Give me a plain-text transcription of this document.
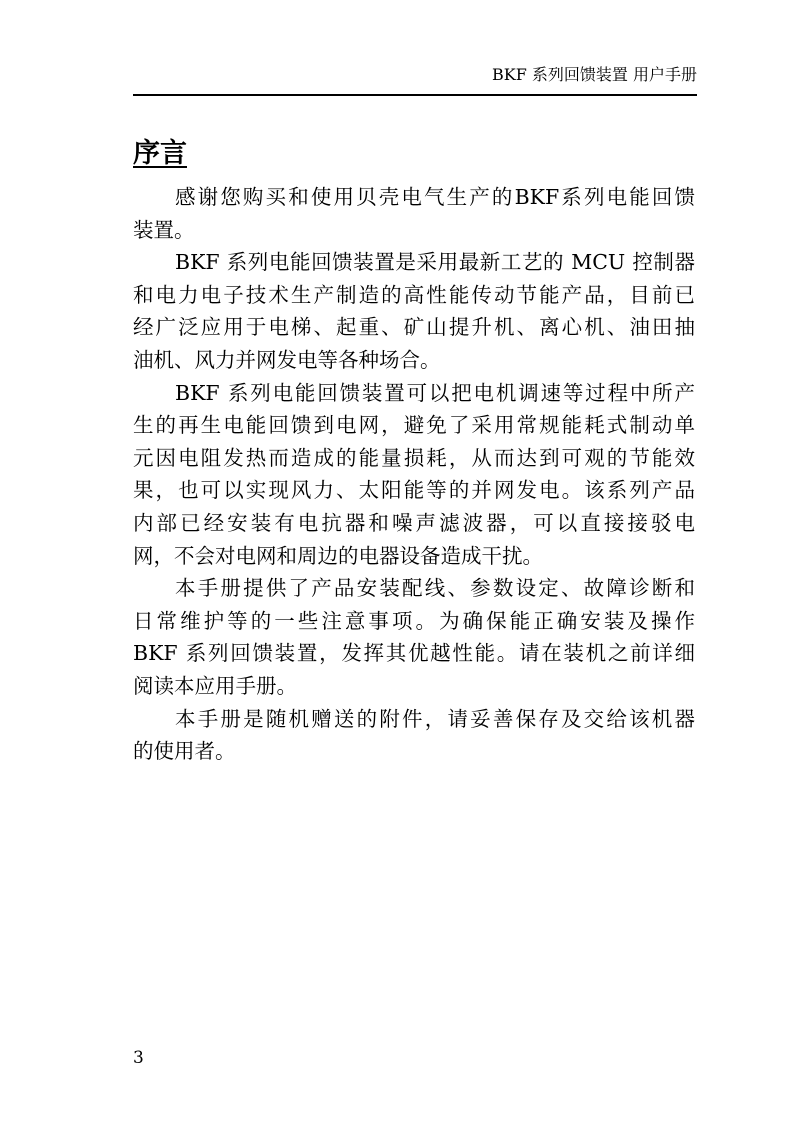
BKF 系列回馈装置 用户手册
序言
感谢您购买和使用贝壳电气生产的BKF系列电能回馈
装置。
BKF 系列电能回馈装置是采用最新工艺的 MCU 控制器
和电力电子技术生产制造的高性能传动节能产品，目前已
经广泛应用于电梯、起重、矿山提升机、离心机、油田抽
油机、风力并网发电等各种场合。
BKF 系列电能回馈装置可以把电机调速等过程中所产
生的再生电能回馈到电网，避免了采用常规能耗式制动单
元因电阻发热而造成的能量损耗，从而达到可观的节能效
果，也可以实现风力、太阳能等的并网发电。该系列产品
内部已经安装有电抗器和噪声滤波器，可以直接接驳电
网，不会对电网和周边的电器设备造成干扰。
本手册提供了产品安装配线、参数设定、故障诊断和
日常维护等的一些注意事项。为确保能正确安装及操作
BKF 系列回馈装置，发挥其优越性能。请在装机之前详细
阅读本应用手册。
本手册是随机赠送的附件，请妥善保存及交给该机器
的使用者。
3
